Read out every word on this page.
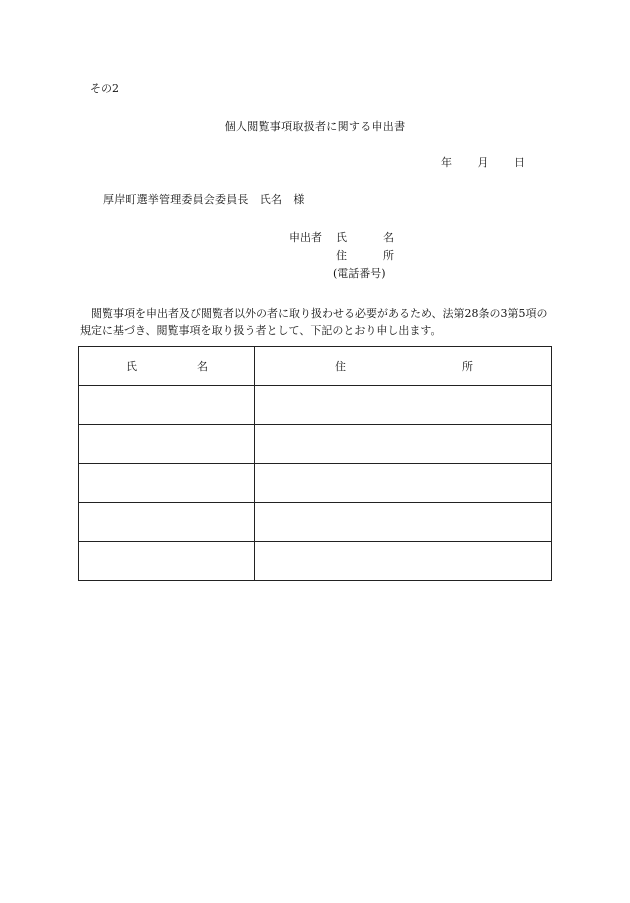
その2
個人閲覧事項取扱者に関する申出書
年 月 日
厚岸町選挙管理委員会委員長　氏名　様
申出者 氏	名
住	所
(電話番号)
閲覧事項を申出者及び閲覧者以外の者に取り扱わせる必要があるため、法第28条の3第5項の規定に基づき、閲覧事項を取り扱う者として、下記のとおり申し出ます。
氏 名	住 所
